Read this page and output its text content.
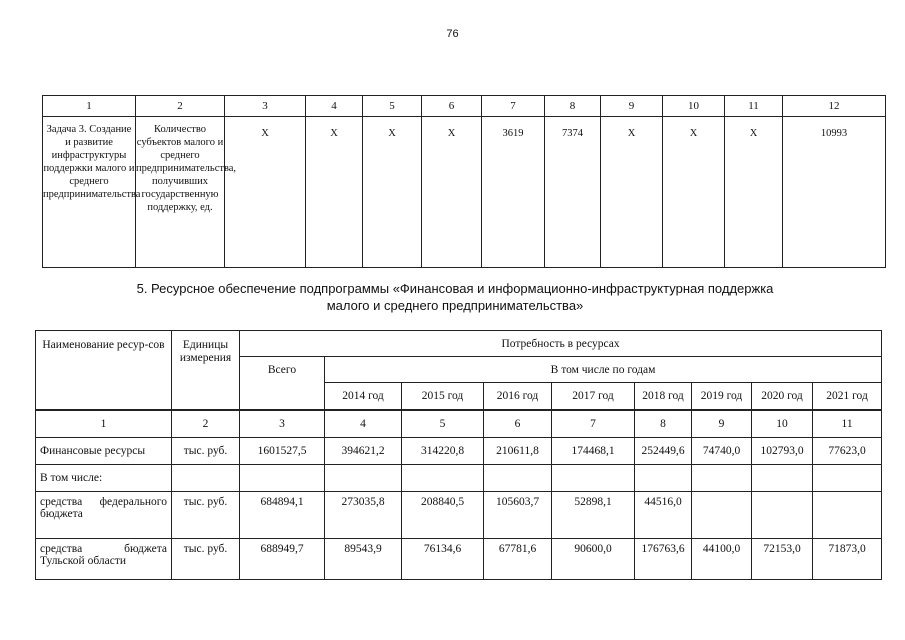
76
1	2	3	4	5	6	7	8	9	10	11	12
Задача 3. Создание и развитие инфраструктуры поддержки малого и среднего предпринимательства	Количество субъектов малого и среднего предпринимательства, получивших государственную поддержку, ед.	X	X	X	X	3619	7374	X	X	X	10993
5. Ресурсное обеспечение подпрограммы «Финансовая и информационно-инфраструктурная поддержка
малого и среднего предпринимательства»
Наименование ресур-сов	Единицы измерения	Потребность в ресурсах								
		Всего	В том числе по годам							
			2014 год	2015 год	2016 год	2017 год	2018 год	2019 год	2020 год	2021 год
1	2	3	4	5	6	7	8	9	10	11
Финансовые ресурсы	тыс. руб.	1601527,5	394621,2	314220,8	210611,8	174468,1	252449,6	74740,0	102793,0	77623,0
В том числе:										

средства федерального
бюджета	тыс. руб.	684894,1	273035,8	208840,5	105603,7	52898,1	44516,0			

средства бюджета
Тульской области	тыс. руб.	688949,7	89543,9	76134,6	67781,6	90600,0	176763,6	44100,0	72153,0	71873,0
